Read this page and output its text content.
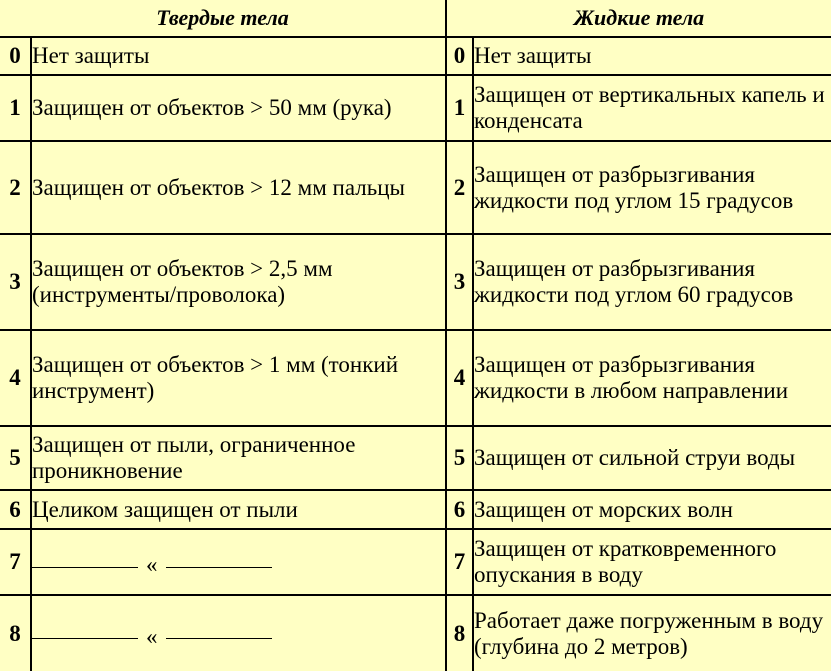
Твердые тела		Жидкие тела	
0	Нет защиты	0	Нет защиты
1	Защищен от объектов > 50 мм (рука)	1	Защищен от вертикальных капель и конденсата
2	Защищен от объектов > 12 мм пальцы	2	Защищен от разбрызгивания жидкости под углом 15 градусов
3	Защищен от объектов > 2,5 мм (инструменты/проволока)	3	Защищен от разбрызгивания жидкости под углом 60 градусов
4	Защищен от объектов > 1 мм (тонкий инструмент)	4	Защищен от разбрызгивания жидкости в любом направлении
5	Защищен от пыли, ограниченное проникновение	5	Защищен от сильной струи воды
6	Целиком защищен от пыли	6	Защищен от морских волн
7	«	7	Защищен от кратковременного опускания в воду
8	«	8	Работает даже погруженным в воду (глубина до 2 метров)
